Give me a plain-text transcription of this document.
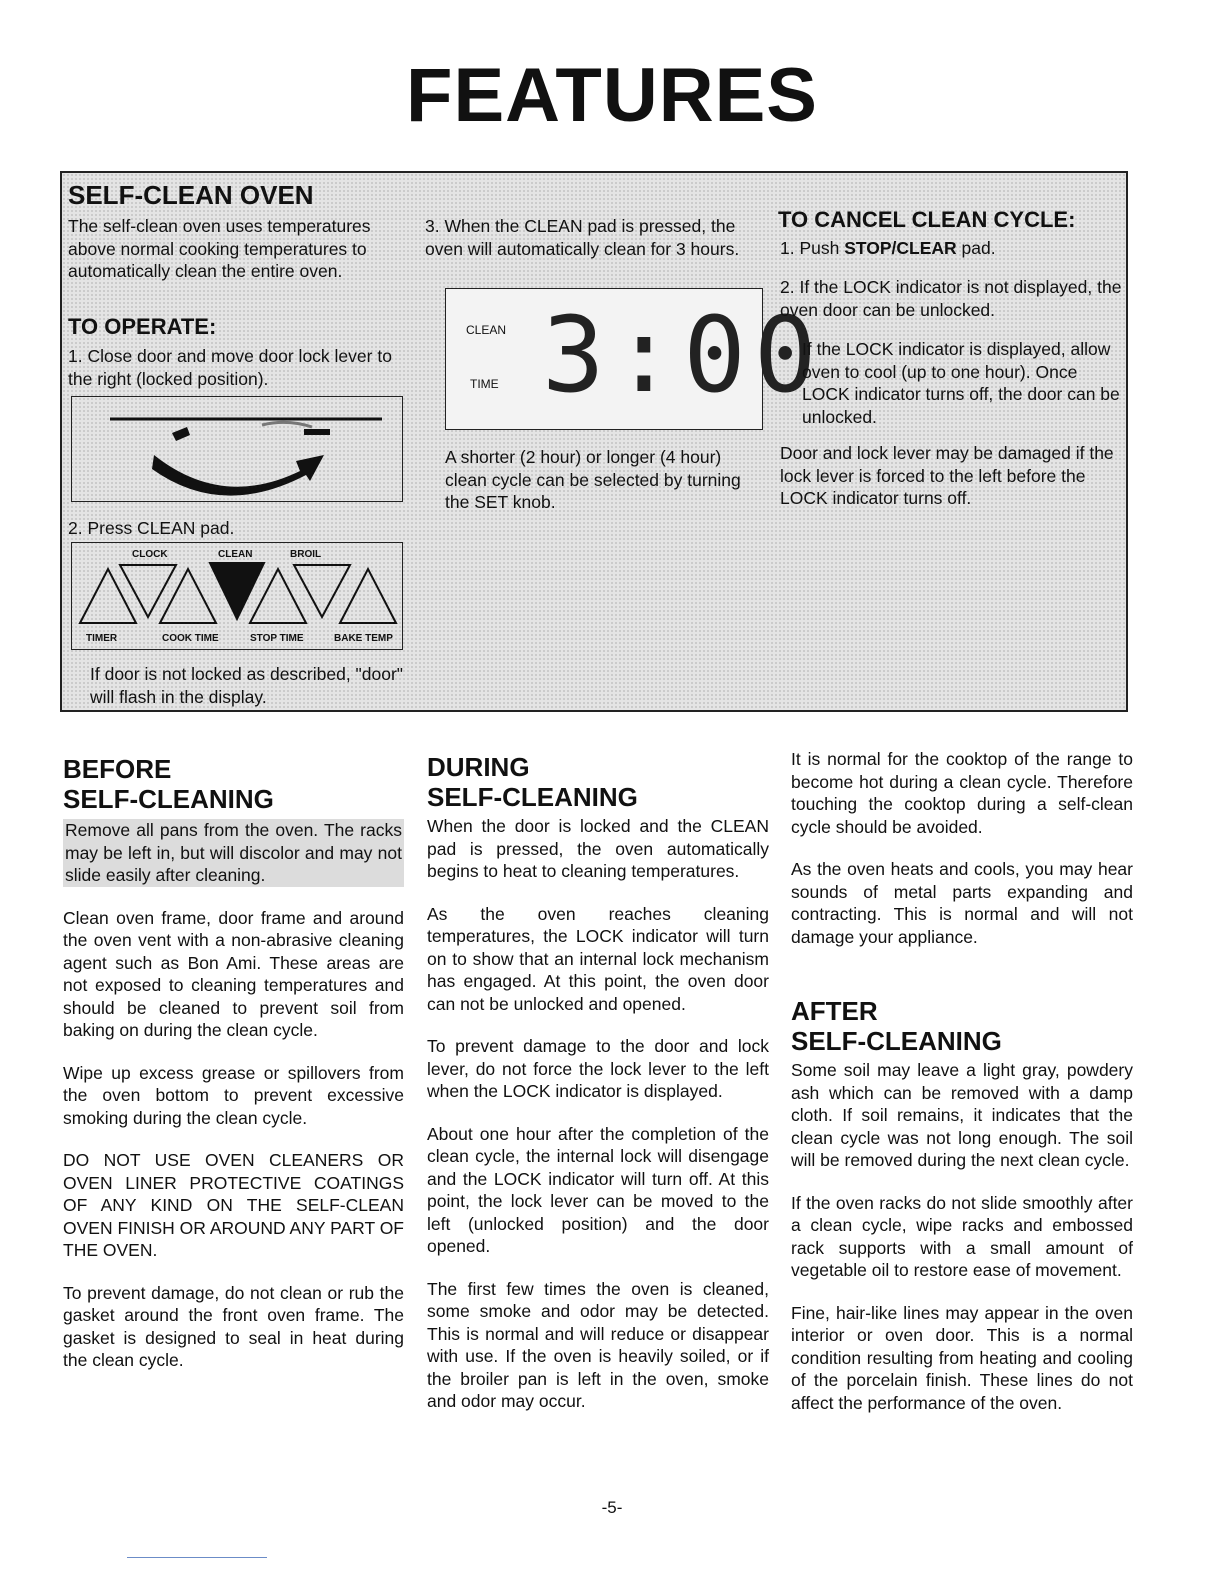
FEATURES
SELF-CLEAN OVEN
The self-clean oven uses temperatures above normal cooking temperatures to automatically clean the entire oven.
TO OPERATE:
1. Close door and move door lock lever to the right (locked position).
2. Press CLEAN pad.
CLOCK	CLEAN	BROIL
TIMER	COOK TIME	STOP TIME	BAKE TEMP
If door is not locked as described, "door" will flash in the display.
3. When the CLEAN pad is pressed, the oven will automatically clean for 3 hours.
CLEAN
TIME 3:00
A shorter (2 hour) or longer (4 hour) clean cycle can be selected by turning the SET knob.
TO CANCEL CLEAN CYCLE:
1. Push STOP/CLEAR pad.
2. If the LOCK indicator is not displayed, the oven door can be unlocked.
If the LOCK indicator is displayed, allow oven to cool (up to one hour). Once LOCK indicator turns off, the door can be unlocked.
Door and lock lever may be damaged if the lock lever is forced to the left before the LOCK indicator turns off.
BEFORE
SELF-CLEANING

Remove all pans from the oven. The racks may be left in, but will discolor and may not slide easily after cleaning.

Clean oven frame, door frame and around the oven vent with a non-abrasive cleaning agent such as Bon Ami. These areas are not exposed to cleaning temperatures and should be cleaned to prevent soil from baking on during the clean cycle.

Wipe up excess grease or spillovers from the oven bottom to prevent excessive smoking during the clean cycle.

DO NOT USE OVEN CLEANERS OR OVEN LINER PROTECTIVE COATINGS OF ANY KIND ON THE SELF-CLEAN OVEN FINISH OR AROUND ANY PART OF THE OVEN.

To prevent damage, do not clean or rub the gasket around the front oven frame. The gasket is designed to seal in heat during the clean cycle.

DURING
SELF-CLEANING

When the door is locked and the CLEAN pad is pressed, the oven automatically begins to heat to cleaning temperatures.

As the oven reaches cleaning temperatures, the LOCK indicator will turn on to show that an internal lock mechanism has engaged. At this point, the oven door can not be unlocked and opened.

To prevent damage to the door and lock lever, do not force the lock lever to the left when the LOCK indicator is displayed.

About one hour after the completion of the clean cycle, the internal lock will disengage and the LOCK indicator will turn off. At this point, the lock lever can be moved to the left (unlocked position) and the door opened.

The first few times the oven is cleaned, some smoke and odor may be detected. This is normal and will reduce or disappear with use. If the oven is heavily soiled, or if the broiler pan is left in the oven, smoke and odor may occur.

It is normal for the cooktop of the range to become hot during a clean cycle. Therefore touching the cooktop during a self-clean cycle should be avoided.

As the oven heats and cools, you may hear sounds of metal parts expanding and contracting. This is normal and will not damage your appliance.

AFTER
SELF-CLEANING

Some soil may leave a light gray, powdery ash which can be removed with a damp cloth. If soil remains, it indicates that the clean cycle was not long enough. The soil will be removed during the next clean cycle.

If the oven racks do not slide smoothly after a clean cycle, wipe racks and embossed rack supports with a small amount of vegetable oil to restore ease of movement.

Fine, hair-like lines may appear in the oven interior or oven door. This is a normal condition resulting from heating and cooling of the porcelain finish. These lines do not affect the performance of the oven.

-5-
